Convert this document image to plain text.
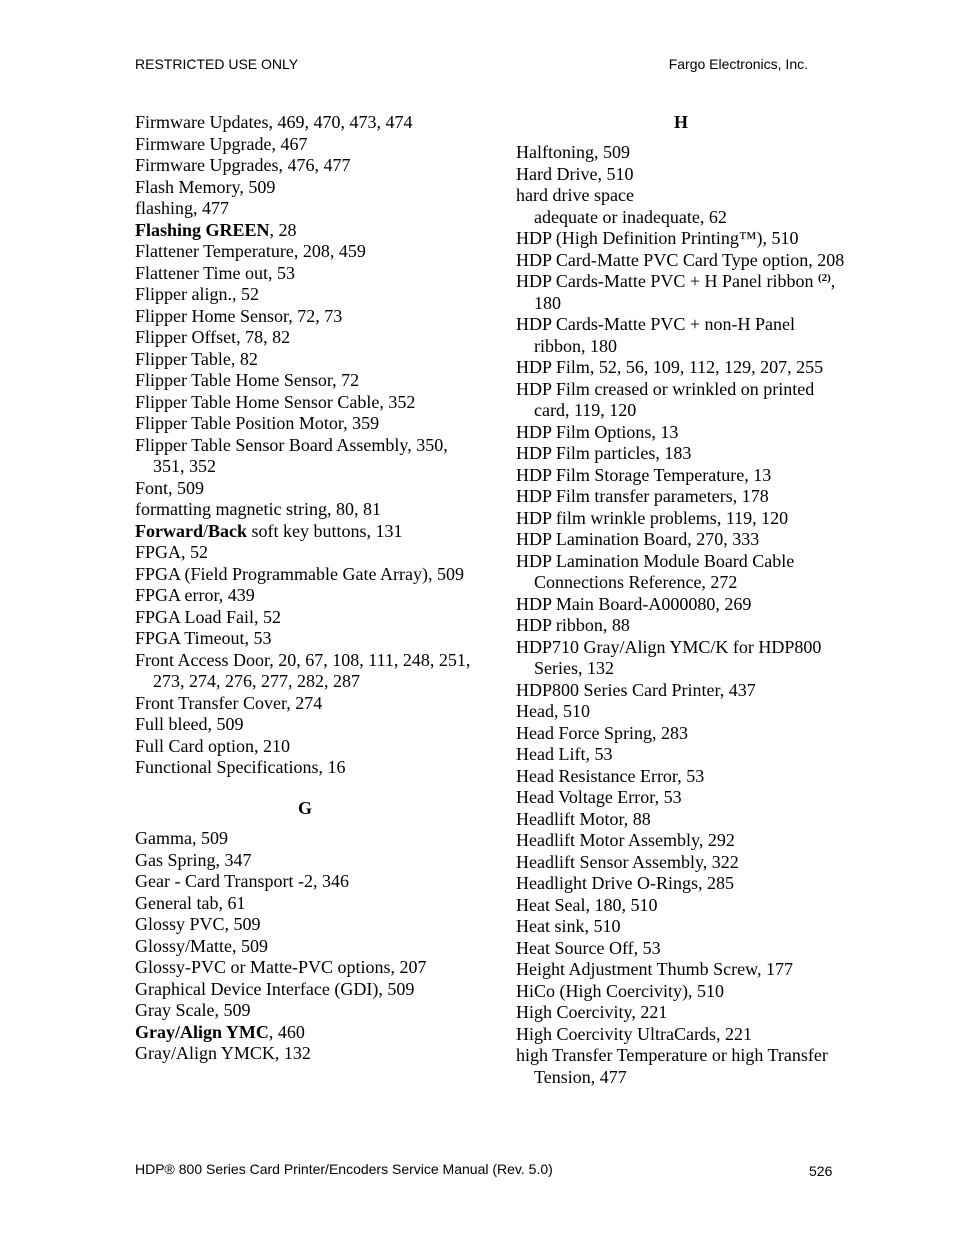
RESTRICTED USE ONLY	Fargo Electronics, Inc.
Firmware Updates, 469, 470, 473, 474
Firmware Upgrade, 467
Firmware Upgrades, 476, 477
Flash Memory, 509
flashing, 477
Flashing GREEN, 28
Flattener Temperature, 208, 459
Flattener Time out, 53
Flipper align., 52
Flipper Home Sensor, 72, 73
Flipper Offset, 78, 82
Flipper Table, 82
Flipper Table Home Sensor, 72
Flipper Table Home Sensor Cable, 352
Flipper Table Position Motor, 359
Flipper Table Sensor Board Assembly, 350, 351, 352
Font, 509
formatting magnetic string, 80, 81
Forward/Back soft key buttons, 131
FPGA, 52
FPGA (Field Programmable Gate Array), 509
FPGA error, 439
FPGA Load Fail, 52
FPGA Timeout, 53
Front Access Door, 20, 67, 108, 111, 248, 251, 273, 274, 276, 277, 282, 287
Front Transfer Cover, 274
Full bleed, 509
Full Card option, 210
Functional Specifications, 16
G
Gamma, 509
Gas Spring, 347
Gear - Card Transport -2, 346
General tab, 61
Glossy PVC, 509
Glossy/Matte, 509
Glossy-PVC or Matte-PVC options, 207
Graphical Device Interface (GDI), 509
Gray Scale, 509
Gray/Align YMC, 460
Gray/Align YMCK, 132
H
Halftoning, 509
Hard Drive, 510
hard drive space
adequate or inadequate, 62
HDP (High Definition Printing™), 510
HDP Card-Matte PVC Card Type option, 208
HDP Cards-Matte PVC + H Panel ribbon $^{(2)}$, 180
HDP Cards-Matte PVC + non-H Panel ribbon, 180
HDP Film, 52, 56, 109, 112, 129, 207, 255
HDP Film creased or wrinkled on printed card, 119, 120
HDP Film Options, 13
HDP Film particles, 183
HDP Film Storage Temperature, 13
HDP Film transfer parameters, 178
HDP film wrinkle problems, 119, 120
HDP Lamination Board, 270, 333
HDP Lamination Module Board Cable Connections Reference, 272
HDP Main Board-A000080, 269
HDP ribbon, 88
HDP710 Gray/Align YMC/K for HDP800 Series, 132
HDP800 Series Card Printer, 437
Head, 510
Head Force Spring, 283
Head Lift, 53
Head Resistance Error, 53
Head Voltage Error, 53
Headlift Motor, 88
Headlift Motor Assembly, 292
Headlift Sensor Assembly, 322
Headlight Drive O-Rings, 285
Heat Seal, 180, 510
Heat sink, 510
Heat Source Off, 53
Height Adjustment Thumb Screw, 177
HiCo (High Coercivity), 510
High Coercivity, 221
High Coercivity UltraCards, 221
high Transfer Temperature or high Transfer Tension, 477
HDP® 800 Series Card Printer/Encoders Service Manual (Rev. 5.0)	526
